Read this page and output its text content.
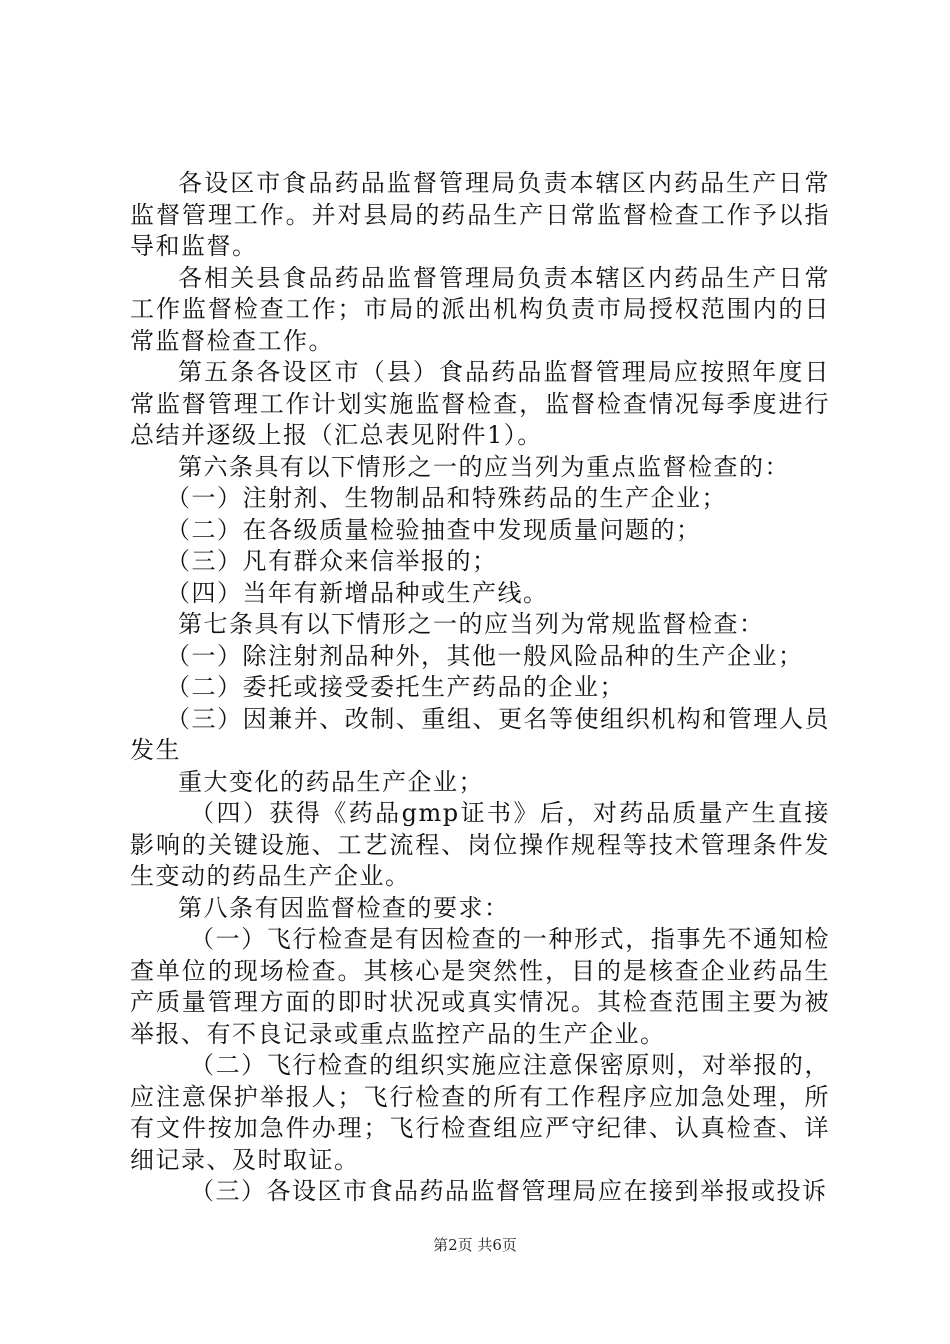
各设区市食品药品监督管理局负责本辖区内药品生产日常监督管理工作。并对县局的药品生产日常监督检查工作予以指导和监督。

各相关县食品药品监督管理局负责本辖区内药品生产日常工作监督检查工作；市局的派出机构负责市局授权范围内的日常监督检查工作。

第五条各设区市（县）食品药品监督管理局应按照年度日常监督管理工作计划实施监督检查，监督检查情况每季度进行总结并逐级上报（汇总表见附件1）。

第六条具有以下情形之一的应当列为重点监督检查的：

（一）注射剂、生物制品和特殊药品的生产企业；

（二）在各级质量检验抽查中发现质量问题的；

（三）凡有群众来信举报的；

（四）当年有新增品种或生产线。

第七条具有以下情形之一的应当列为常规监督检查：

（一）除注射剂品种外，其他一般风险品种的生产企业；

（二）委托或接受委托生产药品的企业；

（三）因兼并、改制、重组、更名等使组织机构和管理人员发生

重大变化的药品生产企业；

（四）获得《药品gmp证书》后，对药品质量产生直接影响的关键设施、工艺流程、岗位操作规程等技术管理条件发生变动的药品生产企业。

第八条有因监督检查的要求：

（一）飞行检查是有因检查的一种形式，指事先不通知检查单位的现场检查。其核心是突然性，目的是核查企业药品生产质量管理方面的即时状况或真实情况。其检查范围主要为被举报、有不良记录或重点监控产品的生产企业。

（二）飞行检查的组织实施应注意保密原则，对举报的，应注意保护举报人；飞行检查的所有工作程序应加急处理，所有文件按加急件办理；飞行检查组应严守纪律、认真检查、详细记录、及时取证。

（三）各设区市食品药品监督管理局应在接到举报或投诉

第2页 共6页
